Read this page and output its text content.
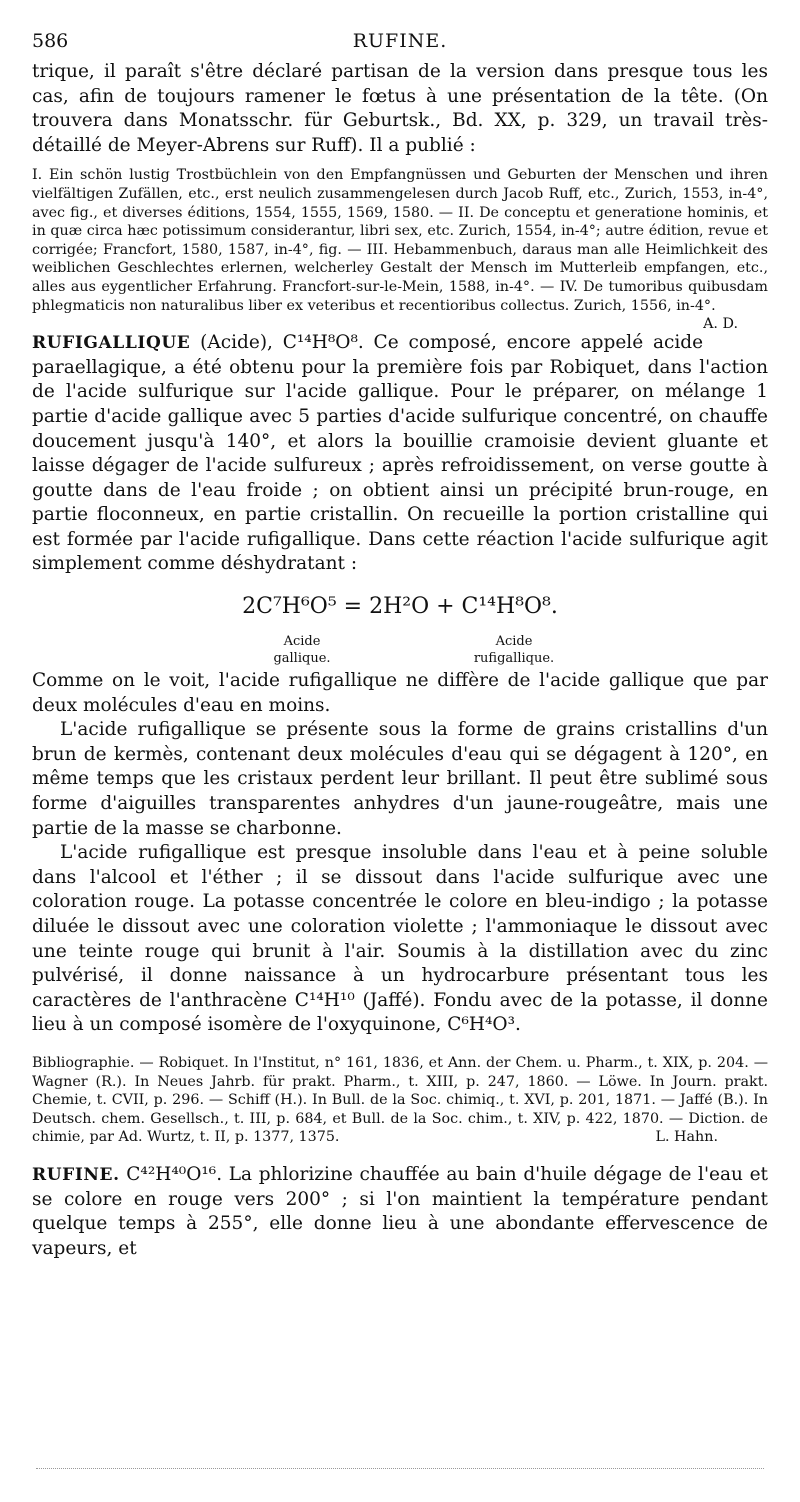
586	RUFINE.

trique, il paraît s'être déclaré partisan de la version dans presque tous les cas, afin de toujours ramener le fœtus à une présentation de la tête. (On trouvera dans Monatsschr. für Geburtsk., Bd. XX, p. 329, un travail très-détaillé de Meyer-Abrens sur Ruff). Il a publié :

I. Ein schön lustig Trostbüchlein von den Empfangnüssen und Geburten der Menschen und ihren vielfältigen Zufällen, etc., erst neulich zusammengelesen durch Jacob Ruff, etc., Zurich, 1553, in-4°, avec fig., et diverses éditions, 1554, 1555, 1569, 1580. — II. De conceptu et generatione hominis, et in quæ circa hæc potissimum considerantur, libri sex, etc. Zurich, 1554, in-4°; autre édition, revue et corrigée; Francfort, 1580, 1587, in-4°, fig. — III. Hebammenbuch, daraus man alle Heimlichkeit des weiblichen Geschlechtes erlernen, welcherley Gestalt der Mensch im Mutterleib empfangen, etc., alles aus eygentlicher Erfahrung. Francfort-sur-le-Mein, 1588, in-4°. — IV. De tumoribus quibusdam phlegmaticis non naturalibus liber ex veteribus et recentioribus collectus. Zurich, 1556, in-4°.
A. D.

RUFIGALLIQUE (Acide), C¹⁴H⁸O⁸. Ce composé, encore appelé acide paraellagique, a été obtenu pour la première fois par Robiquet, dans l'action de l'acide sulfurique sur l'acide gallique. Pour le préparer, on mélange 1 partie d'acide gallique avec 5 parties d'acide sulfurique concentré, on chauffe doucement jusqu'à 140°, et alors la bouillie cramoisie devient gluante et laisse dégager de l'acide sulfureux ; après refroidissement, on verse goutte à goutte dans de l'eau froide ; on obtient ainsi un précipité brun-rouge, en partie floconneux, en partie cristallin. On recueille la portion cristalline qui est formée par l'acide rufigallique. Dans cette réaction l'acide sulfurique agit simplement comme déshydratant :

2C⁷H⁶O⁵ = 2H²O + C¹⁴H⁸O⁸.
Acide gallique.
Acide rufigallique.

Comme on le voit, l'acide rufigallique ne diffère de l'acide gallique que par deux molécules d'eau en moins.

L'acide rufigallique se présente sous la forme de grains cristallins d'un brun de kermès, contenant deux molécules d'eau qui se dégagent à 120°, en même temps que les cristaux perdent leur brillant. Il peut être sublimé sous forme d'aiguilles transparentes anhydres d'un jaune-rougeâtre, mais une partie de la masse se charbonne.

L'acide rufigallique est presque insoluble dans l'eau et à peine soluble dans l'alcool et l'éther ; il se dissout dans l'acide sulfurique avec une coloration rouge. La potasse concentrée le colore en bleu-indigo ; la potasse diluée le dissout avec une coloration violette ; l'ammoniaque le dissout avec une teinte rouge qui brunit à l'air. Soumis à la distillation avec du zinc pulvérisé, il donne naissance à un hydrocarbure présentant tous les caractères de l'anthracène C¹⁴H¹⁰ (Jaffé). Fondu avec de la potasse, il donne lieu à un composé isomère de l'oxyquinone, C⁶H⁴O³.

Bibliographie. — Robiquet. In l'Institut, n° 161, 1836, et Ann. der Chem. u. Pharm., t. XIX, p. 204. — Wagner (R.). In Neues Jahrb. für prakt. Pharm., t. XIII, p. 247, 1860. — Löwe. In Journ. prakt. Chemie, t. CVII, p. 296. — Schiff (H.). In Bull. de la Soc. chimiq., t. XVI, p. 201, 1871. — Jaffé (B.). In Deutsch. chem. Gesellsch., t. III, p. 684, et Bull. de la Soc. chim., t. XIV, p. 422, 1870. — Diction. de chimie, par Ad. Wurtz, t. II, p. 1377, 1375.	L. Hahn.

RUFINE. C⁴²H⁴⁰O¹⁶. La phlorizine chauffée au bain d'huile dégage de l'eau et se colore en rouge vers 200° ; si l'on maintient la température pendant quelque temps à 255°, elle donne lieu à une abondante effervescence de vapeurs, et
